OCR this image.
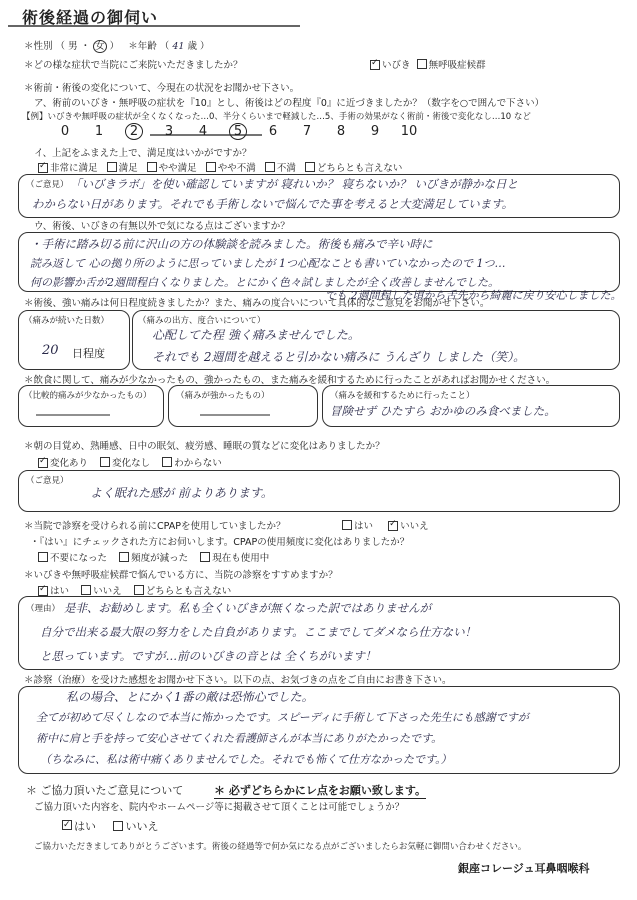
術後経過の御伺い
＊性別 （ 男 ・ 女 ）   ＊年齢 （ 41 歳 ）
＊どの様な症状で当院にご来院いただきましたか？ ✓	いびき 無呼吸症候群
＊術前・術後の変化について、今現在の状況をお聞かせ下さい。
ア、術前のいびき・無呼吸の症状を『10』とし、術後はどの程度『0』に近づきましたか？（数字を○で囲んで下さい）
【例】いびきや無呼吸の症状が全くなくなった…0、半分くらいまで軽減した…5、手術の効果がなく術前・術後で変化なし…10 など
0 1 2 3 4 5 6 7 8 9 10
イ、上記をふまえた上で、満足度はいかがですか？
✓非常に満足 満足 やや満足 やや不満 不満 どちらとも言えない
（ご意見） 「いびきラボ」を使い確認していますが 寝れいか？ 寝ちないか？ いびきが静かな日と
わからない日があります。それでも手術しないで悩んでた事を考えると大変満足しています。
ウ、術後、いびきの有無以外で気になる点はございますか？
・手術に踏み切る前に沢山の方の体験談を読みました。術後も痛みで辛い時に
読み返して 心の拠り所のように思っていましたが 1つ心配なことも書いていなかったので 1つ…
何の影響か舌が2週間程白くなりました。とにかく色々試しましたが全く改善しませんでした。
＊術後、強い痛みは何日程度続きましたか？また、痛みの度合いについて具体的なご意見をお聞かせ下さい。
でも 2週間程した頃から舌先から綺麗に戻り安心しました。
（痛みが続いた日数）
20 日程度
（痛みの出方、度合いについて）
心配してた程 強く痛みませんでした。
それでも 2週間を越えると引かない痛みに うんざり しました（笑）。
＊飲食に関して、痛みが少なかったもの、強かったもの、また痛みを緩和するために行ったことがあればお聞かせください。
（比較的痛みが少なかったもの）	（痛みが強かったもの）	（痛みを緩和するために行ったこと）
冒険せず ひたすら おかゆのみ食べました。
＊朝の目覚め、熟睡感、日中の眠気、疲労感、睡眠の質などに変化はありましたか？
✓変化あり	変化なし	わからない
（ご意見）
よく眠れた感が 前よりあります。
＊当院で診察を受けられる前にCPAPを使用していましたか？	はい ✓	いいえ
・『はい』にチェックされた方にお伺いします。CPAPの使用頻度に変化はありましたか？
不要になった	頻度が減った	現在も使用中
＊いびきや無呼吸症候群で悩んでいる方に、当院の診察をすすめますか？
✓はい	いいえ	どちらとも言えない
（理由） 是非、お勧めします。私も全くいびきが無くなった訳ではありませんが
自分で出来る最大限の努力をした自負があります。ここまでしてダメなら仕方ない！
と思っています。ですが…前のいびきの音とは 全くちがいます！
＊診察（治療）を受けた感想をお聞かせ下さい。以下の点、お気づきの点をご自由にお書き下さい。
私の場合、とにかく1番の敵は恐怖心でした。
全てが初めて尽くしなので本当に怖かったです。スピーディに手術して下さった先生にも感謝ですが
術中に肩と手を持って安心させてくれた看護師さんが本当にありがたかったです。
（ちなみに、私は術中痛くありませんでした。それでも怖くて仕方なかったです。）
＊ ご協力頂いたご意見について	＊ 必ずどちらかにレ点をお願い致します。
ご協力頂いた内容を、院内やホームページ等に掲載させて頂くことは可能でしょうか？
✓はい	いいえ
ご協力いただきましてありがとうございます。術後の経過等で何か気になる点がございましたらお気軽に御問い合わせください。
銀座コレージュ耳鼻咽喉科
